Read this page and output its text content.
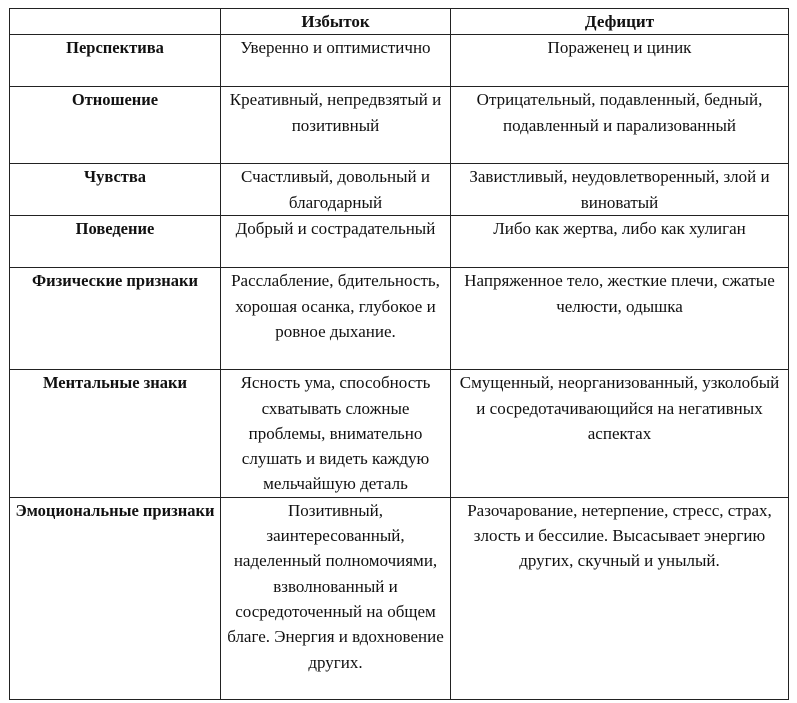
	Избыток	Дефицит
Перспектива	Уверенно и оптимистично	Пораженец и циник
Отношение	Креативный, непредвзятый и позитивный	Отрицательный, подавленный, бедный, подавленный и парализованный
Чувства	Счастливый, довольный и благодарный	Завистливый, неудовлетворенный, злой и виноватый
Поведение	Добрый и сострадательный	Либо как жертва, либо как хулиган
Физические признаки	Расслабление, бдительность, хорошая осанка, глубокое и ровное дыхание.	Напряженное тело, жесткие плечи, сжатые челюсти, одышка
Ментальные знаки	Ясность ума, способность схватывать сложные проблемы, внимательно слушать и видеть каждую мельчайшую деталь	Смущенный, неорганизованный, узколобый и сосредотачивающийся на негативных аспектах
Эмоциональные признаки	Позитивный, заинтересованный, наделенный полномочиями, взволнованный и сосредоточенный на общем благе. Энергия и вдохновение других.	Разочарование, нетерпение, стресс, страх, злость и бессилие. Высасывает энергию других, скучный и унылый.
